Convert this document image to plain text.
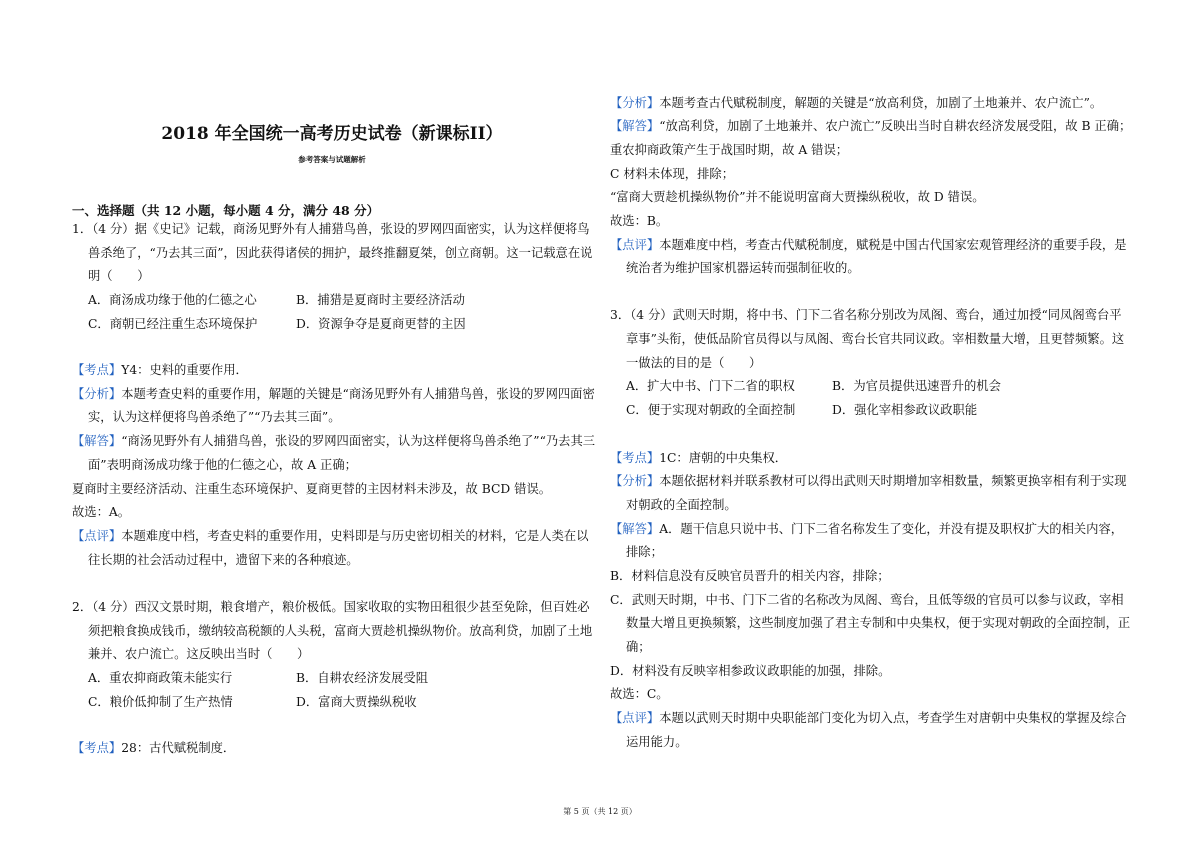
2018 年全国统一高考历史试卷（新课标II）
参考答案与试题解析
一、选择题（共 12 小题，每小题 4 分，满分 48 分）
1．（4 分）据《史记》记载，商汤见野外有人捕猎鸟兽，张设的罗网四面密实，认为这样便将鸟
兽杀绝了，“乃去其三面”，因此获得诸侯的拥护，最终推翻夏桀，创立商朝。这一记载意在说
明（　　）
A．商汤成功缘于他的仁德之心	B．捕猎是夏商时主要经济活动
C．商朝已经注重生态环境保护	D．资源争夺是夏商更替的主因
【考点】Y4：史料的重要作用．
【分析】本题考查史料的重要作用，解题的关键是“商汤见野外有人捕猎鸟兽，张设的罗网四面密
实，认为这样便将鸟兽杀绝了”“乃去其三面”。
【解答】“商汤见野外有人捕猎鸟兽，张设的罗网四面密实，认为这样便将鸟兽杀绝了”“乃去其三
面”表明商汤成功缘于他的仁德之心，故 A 正确；
夏商时主要经济活动、注重生态环境保护、夏商更替的主因材料未涉及，故 BCD 错误。
故选：A。
【点评】本题难度中档，考查史料的重要作用，史料即是与历史密切相关的材料，它是人类在以
往长期的社会活动过程中，遗留下来的各种痕迹。
2．（4 分）西汉文景时期，粮食增产，粮价极低。国家收取的实物田租很少甚至免除，但百姓必
须把粮食换成钱币，缴纳较高税额的人头税，富商大贾趁机操纵物价。放高利贷，加剧了土地
兼并、农户流亡。这反映出当时（　　）
A．重农抑商政策未能实行	B．自耕农经济发展受阻
C．粮价低抑制了生产热情	D．富商大贾操纵税收
【考点】28：古代赋税制度．
【分析】本题考查古代赋税制度，解题的关键是“放高利贷，加剧了土地兼并、农户流亡”。
【解答】“放高利贷，加剧了土地兼并、农户流亡”反映出当时自耕农经济发展受阻，故 B 正确；
重农抑商政策产生于战国时期，故 A 错误；
C 材料未体现，排除；
“富商大贾趁机操纵物价”并不能说明富商大贾操纵税收，故 D 错误。
故选：B。
【点评】本题难度中档，考查古代赋税制度，赋税是中国古代国家宏观管理经济的重要手段，是
统治者为维护国家机器运转而强制征收的。
3．（4 分）武则天时期，将中书、门下二省名称分别改为凤阁、鸾台，通过加授“同凤阁鸾台平
章事”头衔，使低品阶官员得以与凤阁、鸾台长官共同议政。宰相数量大增，且更替频繁。这
一做法的目的是（　　）
A．扩大中书、门下二省的职权	B．为官员提供迅速晋升的机会
C．便于实现对朝政的全面控制	D．强化宰相参政议政职能
【考点】1C：唐朝的中央集权．
【分析】本题依据材料并联系教材可以得出武则天时期增加宰相数量，频繁更换宰相有利于实现
对朝政的全面控制。
【解答】A．题干信息只说中书、门下二省名称发生了变化，并没有提及职权扩大的相关内容，
排除；
B．材料信息没有反映官员晋升的相关内容，排除；
C．武则天时期，中书、门下二省的名称改为凤阁、鸾台，且低等级的官员可以参与议政，宰相
数量大增且更换频繁，这些制度加强了君主专制和中央集权，便于实现对朝政的全面控制，正
确；
D．材料没有反映宰相参政议政职能的加强，排除。
故选：C。
【点评】本题以武则天时期中央职能部门变化为切入点，考查学生对唐朝中央集权的掌握及综合
运用能力。
第 5 页（共 12 页）
